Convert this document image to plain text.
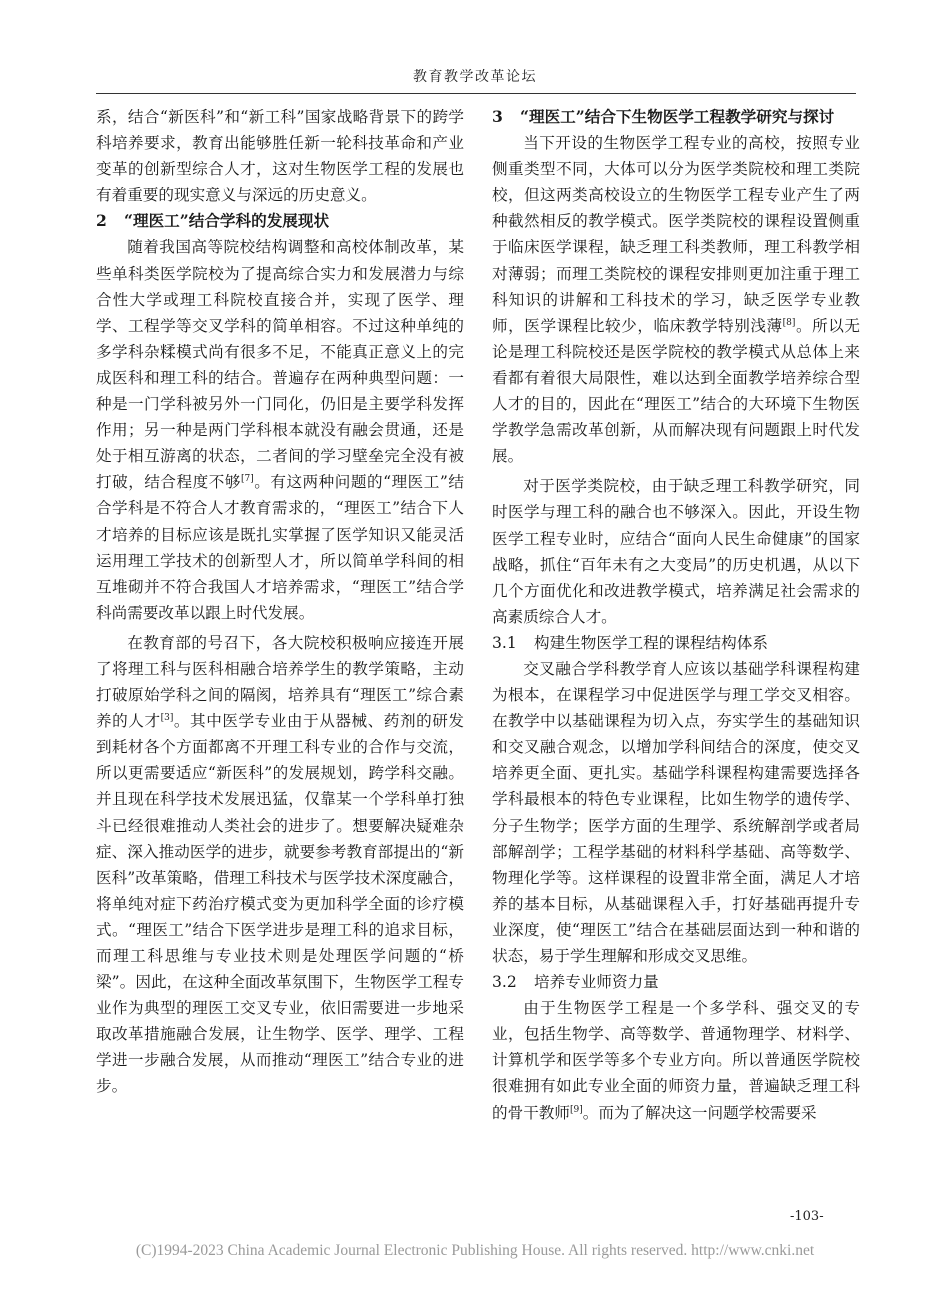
教育教学改革论坛

系，结合“新医科”和“新工科”国家战略背景下的跨学科培养要求，教育出能够胜任新一轮科技革命和产业变革的创新型综合人才，这对生物医学工程的发展也有着重要的现实意义与深远的历史意义。

2 “理医工”结合学科的发展现状

随着我国高等院校结构调整和高校体制改革，某些单科类医学院校为了提高综合实力和发展潜力与综合性大学或理工科院校直接合并，实现了医学、理学、工程学等交叉学科的简单相容。不过这种单纯的多学科杂糅模式尚有很多不足，不能真正意义上的完成医科和理工科的结合。普遍存在两种典型问题：一种是一门学科被另外一门同化，仍旧是主要学科发挥作用；另一种是两门学科根本就没有融会贯通，还是处于相互游离的状态，二者间的学习壁垒完全没有被打破，结合程度不够[7]。有这两种问题的“理医工”结合学科是不符合人才教育需求的，“理医工”结合下人才培养的目标应该是既扎实掌握了医学知识又能灵活运用理工学技术的创新型人才，所以简单学科间的相互堆砌并不符合我国人才培养需求，“理医工”结合学科尚需要改革以跟上时代发展。

在教育部的号召下，各大院校积极响应接连开展了将理工科与医科相融合培养学生的教学策略，主动打破原始学科之间的隔阂，培养具有“理医工”综合素养的人才[3]。其中医学专业由于从器械、药剂的研发到耗材各个方面都离不开理工科专业的合作与交流，所以更需要适应“新医科”的发展规划，跨学科交融。并且现在科学技术发展迅猛，仅靠某一个学科单打独斗已经很难推动人类社会的进步了。想要解决疑难杂症、深入推动医学的进步，就要参考教育部提出的“新医科”改革策略，借理工科技术与医学技术深度融合，将单纯对症下药治疗模式变为更加科学全面的诊疗模式。“理医工”结合下医学进步是理工科的追求目标，而理工科思维与专业技术则是处理医学问题的“桥梁”。因此，在这种全面改革氛围下，生物医学工程专业作为典型的理医工交叉专业，依旧需要进一步地采取改革措施融合发展，让生物学、医学、理学、工程学进一步融合发展，从而推动“理医工”结合专业的进步。

3 “理医工”结合下生物医学工程教学研究与探讨

当下开设的生物医学工程专业的高校，按照专业侧重类型不同，大体可以分为医学类院校和理工类院校，但这两类高校设立的生物医学工程专业产生了两种截然相反的教学模式。医学类院校的课程设置侧重于临床医学课程，缺乏理工科类教师，理工科教学相对薄弱；而理工类院校的课程安排则更加注重于理工科知识的讲解和工科技术的学习，缺乏医学专业教师，医学课程比较少，临床教学特别浅薄[8]。所以无论是理工科院校还是医学院校的教学模式从总体上来看都有着很大局限性，难以达到全面教学培养综合型人才的目的，因此在“理医工”结合的大环境下生物医学教学急需改革创新，从而解决现有问题跟上时代发展。

对于医学类院校，由于缺乏理工科教学研究，同时医学与理工科的融合也不够深入。因此，开设生物医学工程专业时，应结合“面向人民生命健康”的国家战略，抓住“百年未有之大变局”的历史机遇，从以下几个方面优化和改进教学模式，培养满足社会需求的高素质综合人才。

3.1 构建生物医学工程的课程结构体系

交叉融合学科教学育人应该以基础学科课程构建为根本，在课程学习中促进医学与理工学交叉相容。在教学中以基础课程为切入点，夯实学生的基础知识和交叉融合观念，以增加学科间结合的深度，使交叉培养更全面、更扎实。基础学科课程构建需要选择各学科最根本的特色专业课程，比如生物学的遗传学、分子生物学；医学方面的生理学、系统解剖学或者局部解剖学；工程学基础的材料科学基础、高等数学、物理化学等。这样课程的设置非常全面，满足人才培养的基本目标，从基础课程入手，打好基础再提升专业深度，使“理医工”结合在基础层面达到一种和谐的状态，易于学生理解和形成交叉思维。

3.2 培养专业师资力量

由于生物医学工程是一个多学科、强交叉的专业，包括生物学、高等数学、普通物理学、材料学、计算机学和医学等多个专业方向。所以普通医学院校很难拥有如此专业全面的师资力量，普遍缺乏理工科的骨干教师[9]。而为了解决这一问题学校需要采

-103-
(C)1994-2023 China Academic Journal Electronic Publishing House. All rights reserved. http://www.cnki.net
